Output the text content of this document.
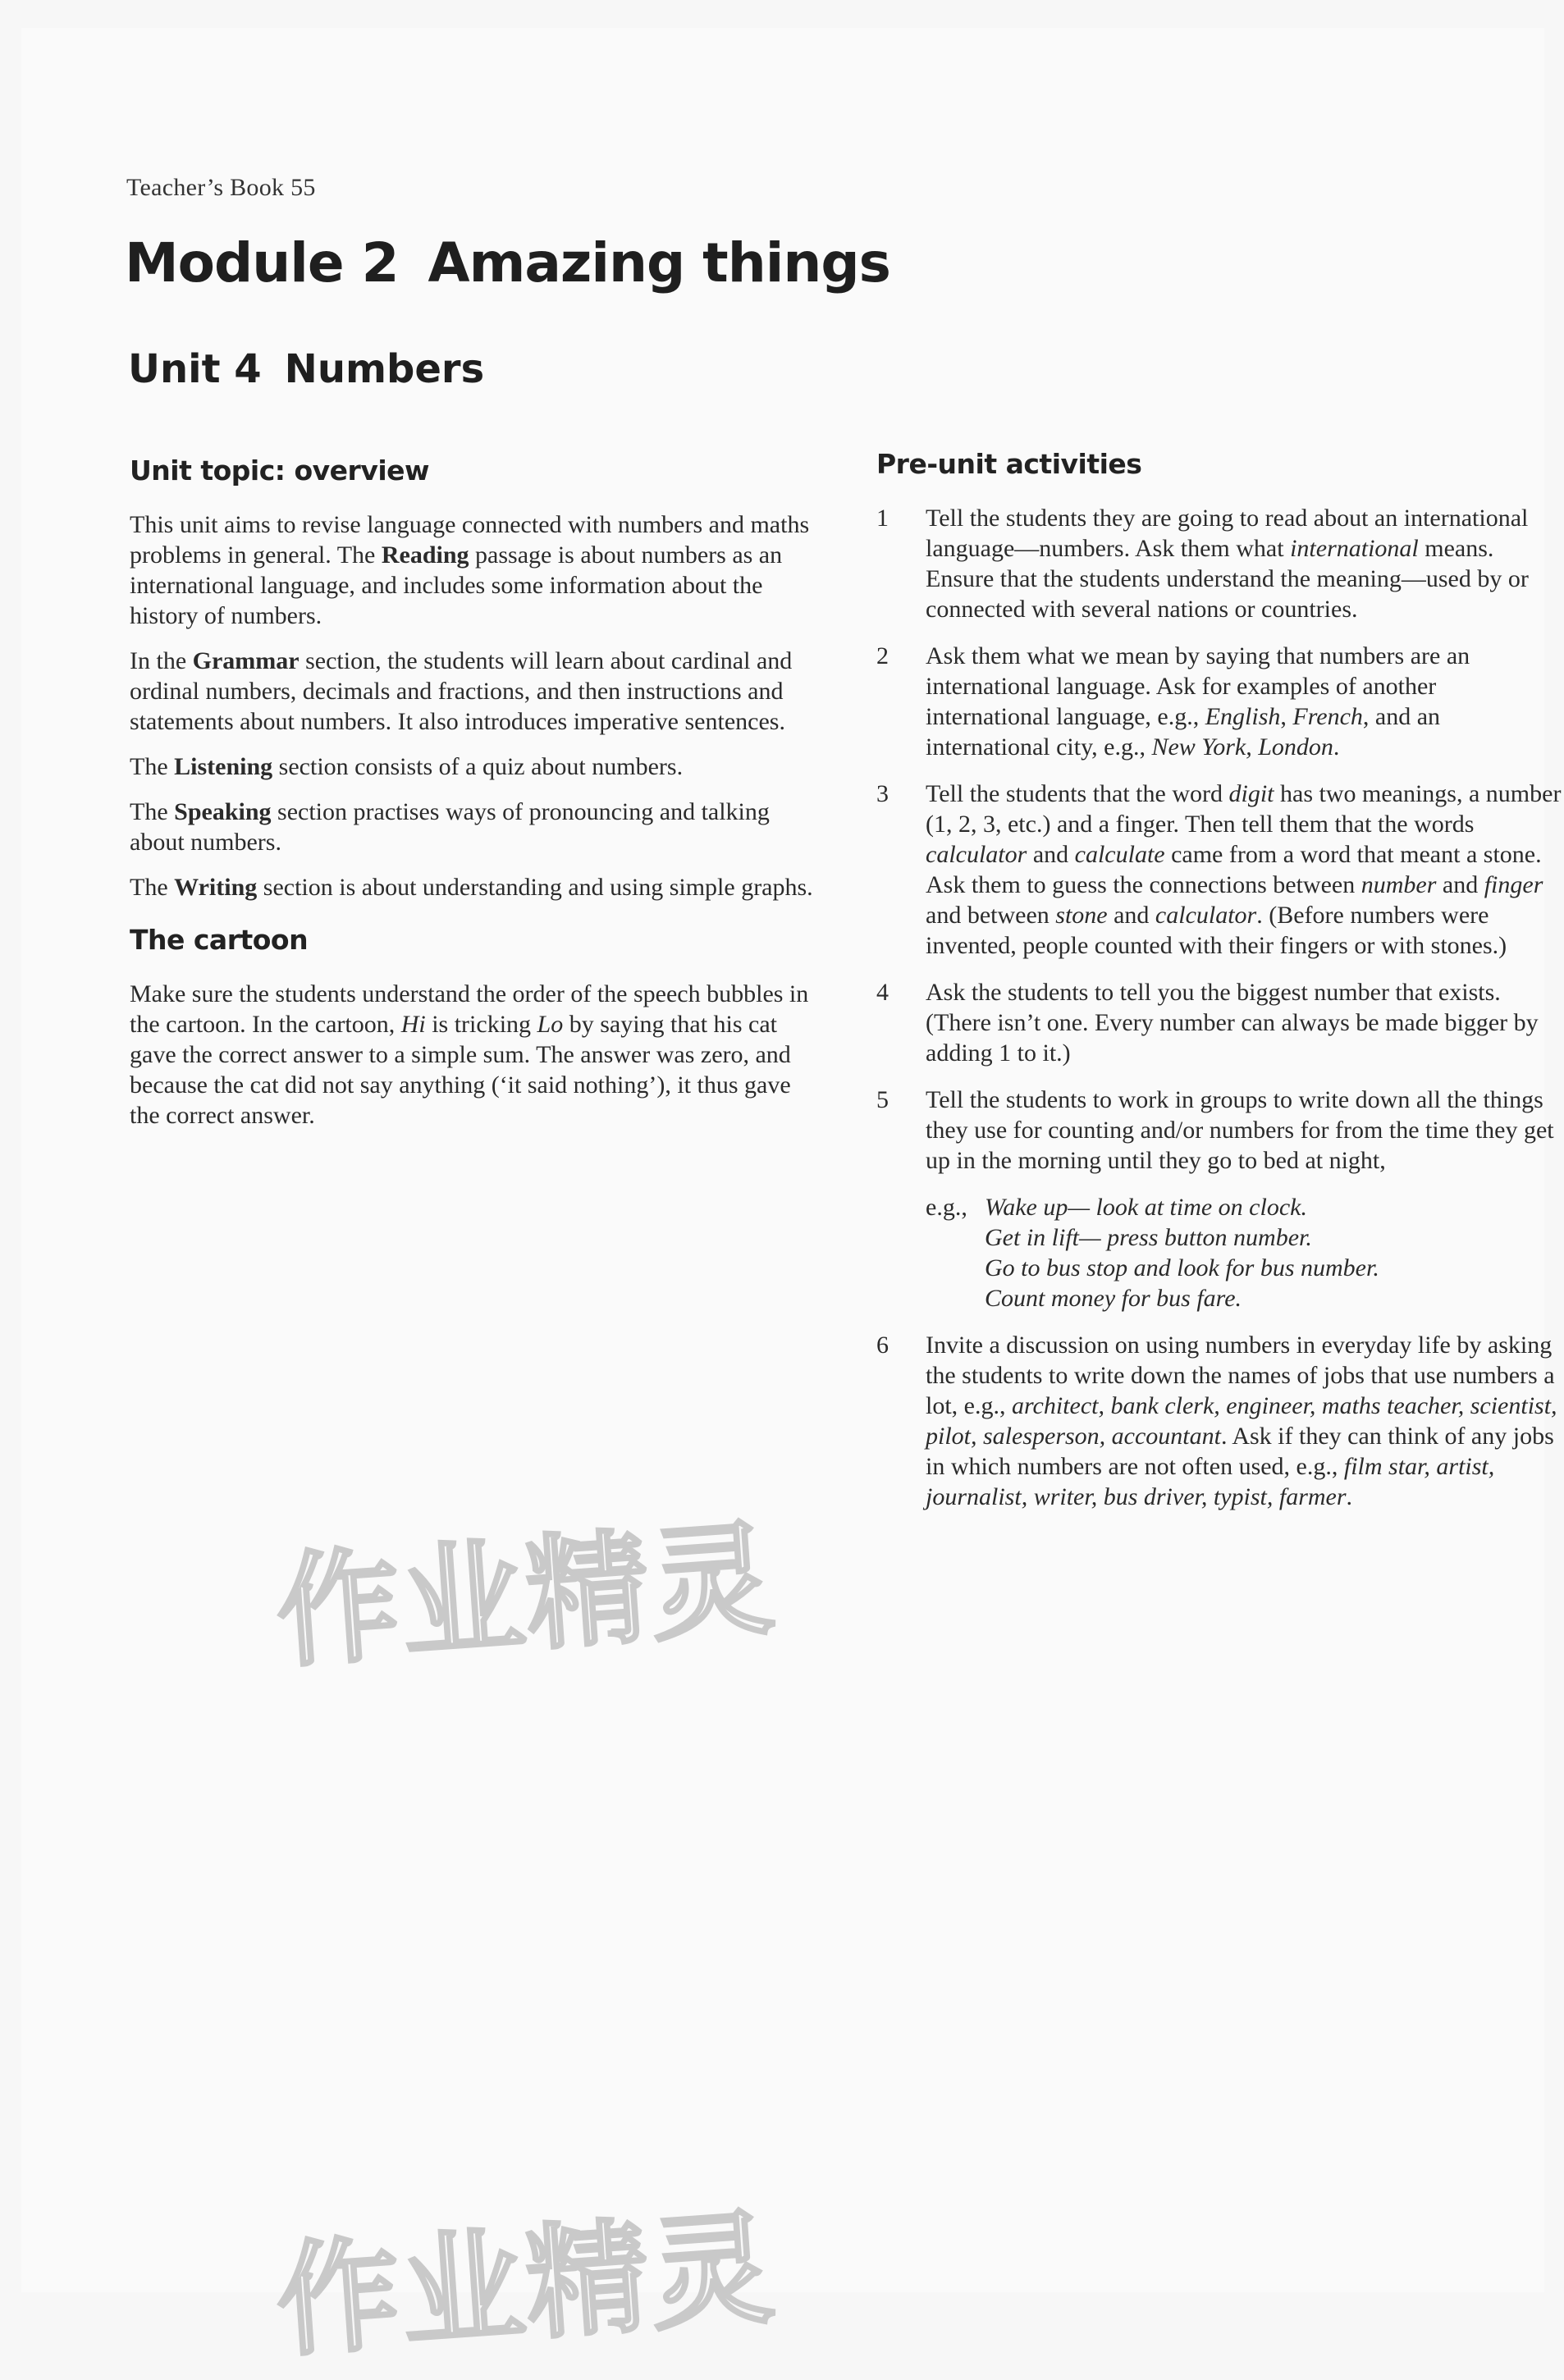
Teacher’s Book 55
Module 2 Amazing things
Unit 4 Numbers
Unit topic: overview

This unit aims to revise language connected with numbers and maths problems in general. The Reading passage is about numbers as an international language, and includes some information about the history of numbers.

In the Grammar section, the students will learn about cardinal and ordinal numbers, decimals and fractions, and then instructions and statements about numbers. It also introduces imperative sentences.

The Listening section consists of a quiz about numbers.

The Speaking section practises ways of pronouncing and talking about numbers.

The Writing section is about understanding and using simple graphs.

The cartoon

Make sure the students understand the order of the speech bubbles in the cartoon. In the cartoon, Hi is tricking Lo by saying that his cat gave the correct answer to a simple sum. The answer was zero, and because the cat did not say anything (‘it said nothing’), it thus gave the correct answer.

Pre-unit activities
1	Tell the students they are going to read about an international language—numbers. Ask them what international means. Ensure that the students understand the meaning—used by or connected with several nations or countries.
2	Ask them what we mean by saying that numbers are an international language. Ask for examples of another international language, e.g., English, French, and an international city, e.g., New York, London.
3	Tell the students that the word digit has two meanings, a number (1, 2, 3, etc.) and a finger. Then tell them that the words calculator and calculate came from a word that meant a stone. Ask them to guess the connections between number and finger and between stone and calculator. (Before numbers were invented, people counted with their fingers or with stones.)
4	Ask the students to tell you the biggest number that exists. (There isn’t one. Every number can always be made bigger by adding 1 to it.)
5	Tell the students to work in groups to write down all the things they use for counting and/or numbers for from the time they get up in the morning until they go to bed at night,
e.g., Wake up— look at time on clock.
Get in lift— press button number.
Go to bus stop and look for bus number.
Count money for bus fare.
6	Invite a discussion on using numbers in everyday life by asking the students to write down the names of jobs that use numbers a lot, e.g., architect, bank clerk, engineer, maths teacher, scientist, pilot, salesperson, accountant. Ask if they can think of any jobs in which numbers are not often used, e.g., film star, artist, journalist, writer, bus driver, typist, farmer.
作业精灵
作业精灵
